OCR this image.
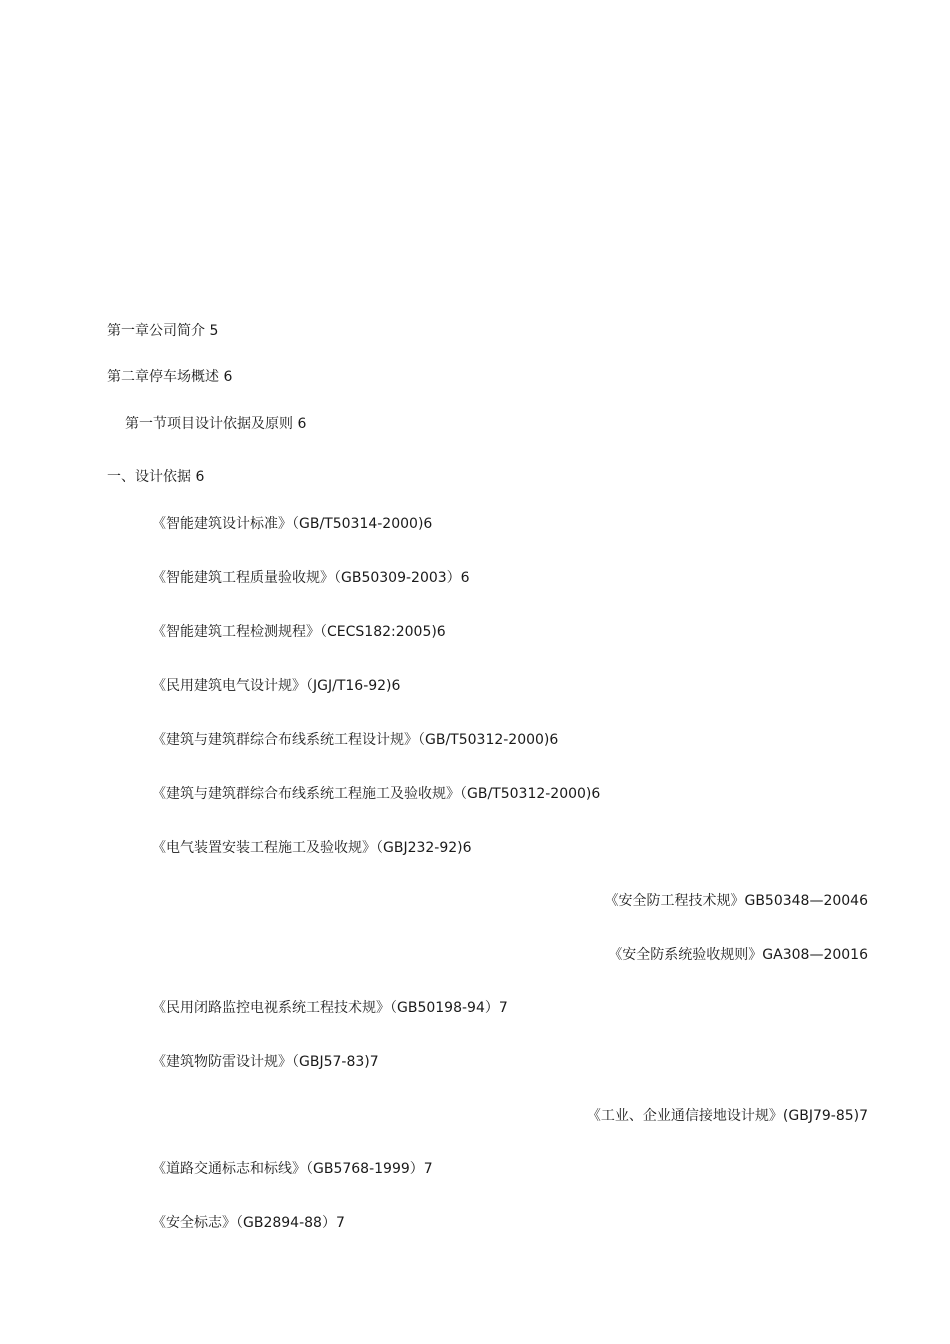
第一章公司简介 5
第二章停车场概述 6
第一节项目设计依据及原则 6
一、设计依据 6
《智能建筑设计标准》（GB/T50314-2000)6
《智能建筑工程质量验收规》（GB50309-2003）6
《智能建筑工程检测规程》（CECS182:2005)6
《民用建筑电气设计规》（JGJ/T16-92)6
《建筑与建筑群综合布线系统工程设计规》（GB/T50312-2000)6
《建筑与建筑群综合布线系统工程施工及验收规》（GB/T50312-2000)6
《电气装置安装工程施工及验收规》（GBJ232-92)6
《安全防工程技术规》GB50348—20046
《安全防系统验收规则》GA308—20016
《民用闭路监控电视系统工程技术规》（GB50198-94）7
《建筑物防雷设计规》（GBJ57-83)7
《工业、企业通信接地设计规》(GBJ79-85)7
《道路交通标志和标线》（GB5768-1999）7
《安全标志》（GB2894-88）7
